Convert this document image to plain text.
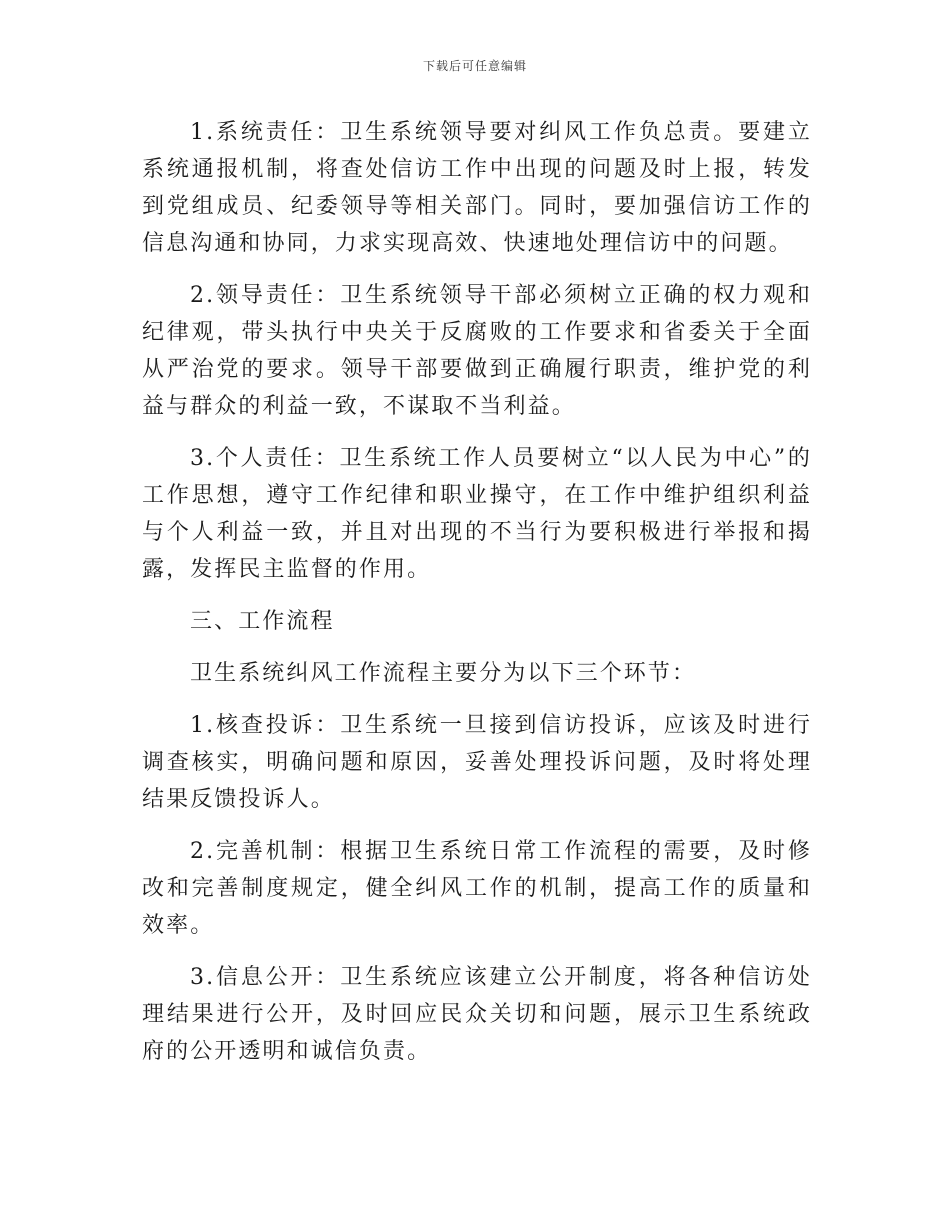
下载后可任意编辑

1.系统责任：卫生系统领导要对纠风工作负总责。要建立系统通报机制，将查处信访工作中出现的问题及时上报，转发到党组成员、纪委领导等相关部门。同时，要加强信访工作的信息沟通和协同，力求实现高效、快速地处理信访中的问题。

2.领导责任：卫生系统领导干部必须树立正确的权力观和纪律观，带头执行中央关于反腐败的工作要求和省委关于全面从严治党的要求。领导干部要做到正确履行职责，维护党的利益与群众的利益一致，不谋取不当利益。

3.个人责任：卫生系统工作人员要树立“以人民为中心”的工作思想，遵守工作纪律和职业操守，在工作中维护组织利益与个人利益一致，并且对出现的不当行为要积极进行举报和揭露，发挥民主监督的作用。

三、工作流程

卫生系统纠风工作流程主要分为以下三个环节：

1.核查投诉：卫生系统一旦接到信访投诉，应该及时进行调查核实，明确问题和原因，妥善处理投诉问题，及时将处理结果反馈投诉人。

2.完善机制：根据卫生系统日常工作流程的需要，及时修改和完善制度规定，健全纠风工作的机制，提高工作的质量和效率。

3.信息公开：卫生系统应该建立公开制度，将各种信访处理结果进行公开，及时回应民众关切和问题，展示卫生系统政府的公开透明和诚信负责。
